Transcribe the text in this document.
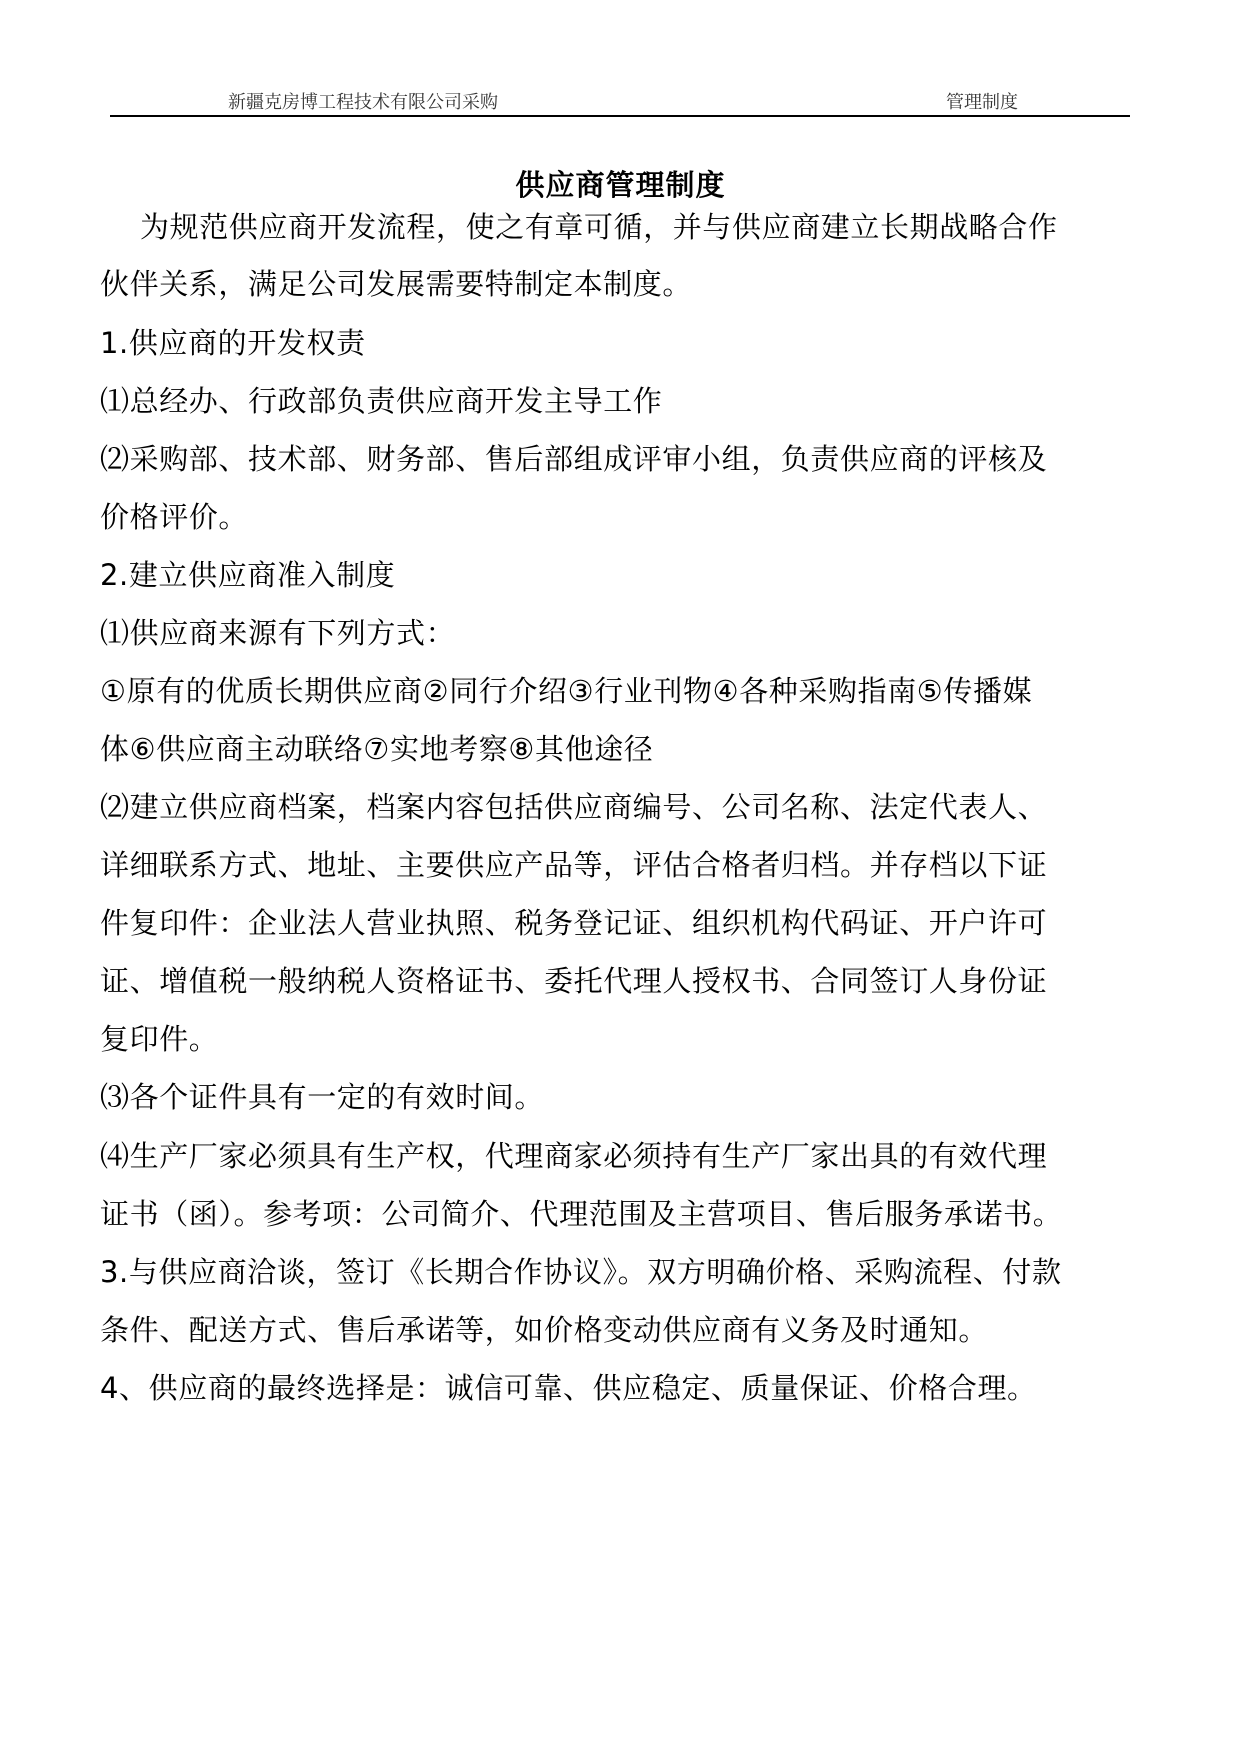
新疆克房博工程技术有限公司采购	管理制度
供应商管理制度
为规范供应商开发流程，使之有章可循，并与供应商建立长期战略合作
伙伴关系，满足公司发展需要特制定本制度。
1.供应商的开发权责
⑴总经办、行政部负责供应商开发主导工作
⑵采购部、技术部、财务部、售后部组成评审小组，负责供应商的评核及
价格评价。
2.建立供应商准入制度
⑴供应商来源有下列方式：
①原有的优质长期供应商②同行介绍③行业刊物④各种采购指南⑤传播媒
体⑥供应商主动联络⑦实地考察⑧其他途径
⑵建立供应商档案，档案内容包括供应商编号、公司名称、法定代表人、
详细联系方式、地址、主要供应产品等，评估合格者归档。并存档以下证
件复印件：企业法人营业执照、税务登记证、组织机构代码证、开户许可
证、增值税一般纳税人资格证书、委托代理人授权书、合同签订人身份证
复印件。
⑶各个证件具有一定的有效时间。
⑷生产厂家必须具有生产权，代理商家必须持有生产厂家出具的有效代理
证书（函）。参考项：公司简介、代理范围及主营项目、售后服务承诺书。
3.与供应商洽谈，签订《长期合作协议》。双方明确价格、采购流程、付款
条件、配送方式、售后承诺等，如价格变动供应商有义务及时通知。
4、供应商的最终选择是：诚信可靠、供应稳定、质量保证、价格合理。
